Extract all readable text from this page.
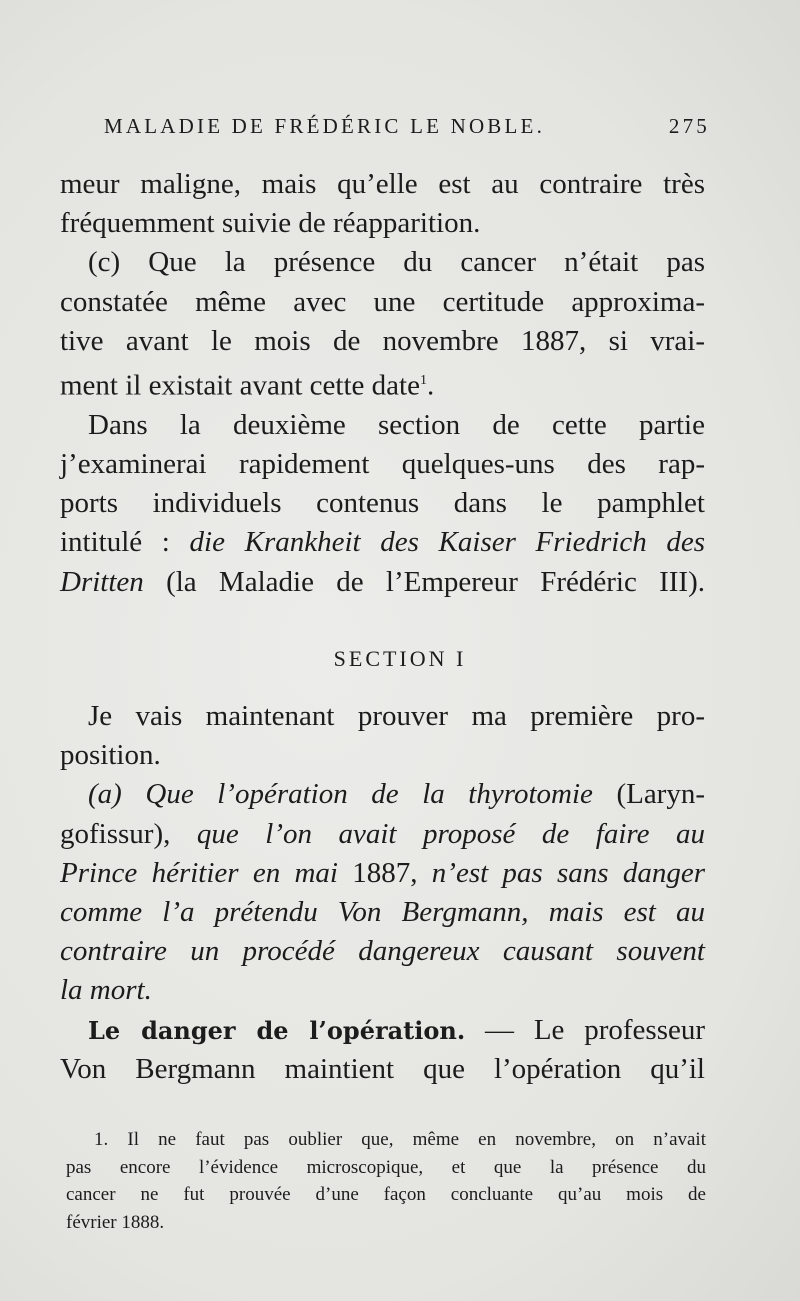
MALADIE DE FRÉDÉRIC LE NOBLE.	275
meur maligne, mais qu’elle est au contraire très
fréquemment suivie de réapparition.
(c) Que la présence du cancer n’était pas
constatée même avec une certitude approxima-
tive avant le mois de novembre 1887, si vrai-
ment il existait avant cette date$^1$.
Dans la deuxième section de cette partie
j’examinerai rapidement quelques-uns des rap-
ports individuels contenus dans le pamphlet
intitulé : die Krankheit des Kaiser Friedrich des
Dritten (la Maladie de l’Empereur Frédéric III).
SECTION I
Je vais maintenant prouver ma première pro-
position.
(a) Que l’opération de la thyrotomie (Laryn-
gofissur), que l’on avait proposé de faire au
Prince héritier en mai 1887, n’est pas sans danger
comme l’a prétendu Von Bergmann, mais est au
contraire un procédé dangereux causant souvent
la mort.
Le danger de l’opération. — Le professeur
Von Bergmann maintient que l’opération qu’il
1. Il ne faut pas oublier que, même en novembre, on n’avait
pas encore l’évidence microscopique, et que la présence du
cancer ne fut prouvée d’une façon concluante qu’au mois de
février 1888.
